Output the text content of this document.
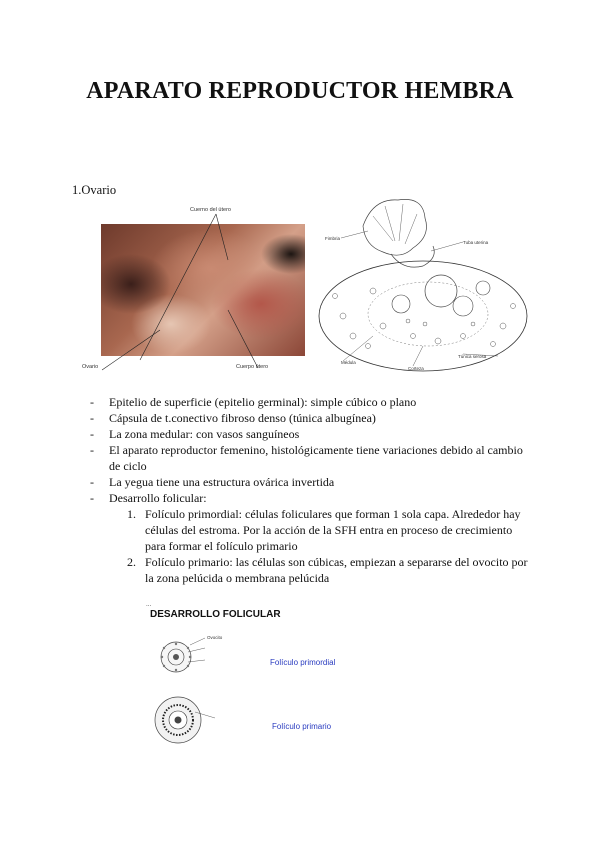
APARATO REPRODUCTOR HEMBRA
1.Ovario
Cuerno del útero
Ovario	Cuerpo útero
Fimbria
Tuba uterina
Médula
Corteza
Túnica serosa
- Epitelio de superficie (epitelio germinal): simple cúbico o plano
- Cápsula de t.conectivo fibroso denso (túnica albugínea)
- La zona medular: con vasos sanguíneos
- El aparato reproductor femenino, histológicamente tiene variaciones debido al cambio de ciclo
- La yegua tiene una estructura ovárica invertida
- Desarrollo folicular:
1. Folículo primordial: células foliculares que forman 1 sola capa. Alrededor hay células del estroma. Por la acción de la SFH entra en proceso de crecimiento para formar el folículo primario
2. Folículo primario: las células son cúbicas, empiezan a separarse del ovocito por la zona pelúcida o membrana pelúcida
...
DESARROLLO FOLICULAR
Ovocito
Folículo primordial
Folículo primario
